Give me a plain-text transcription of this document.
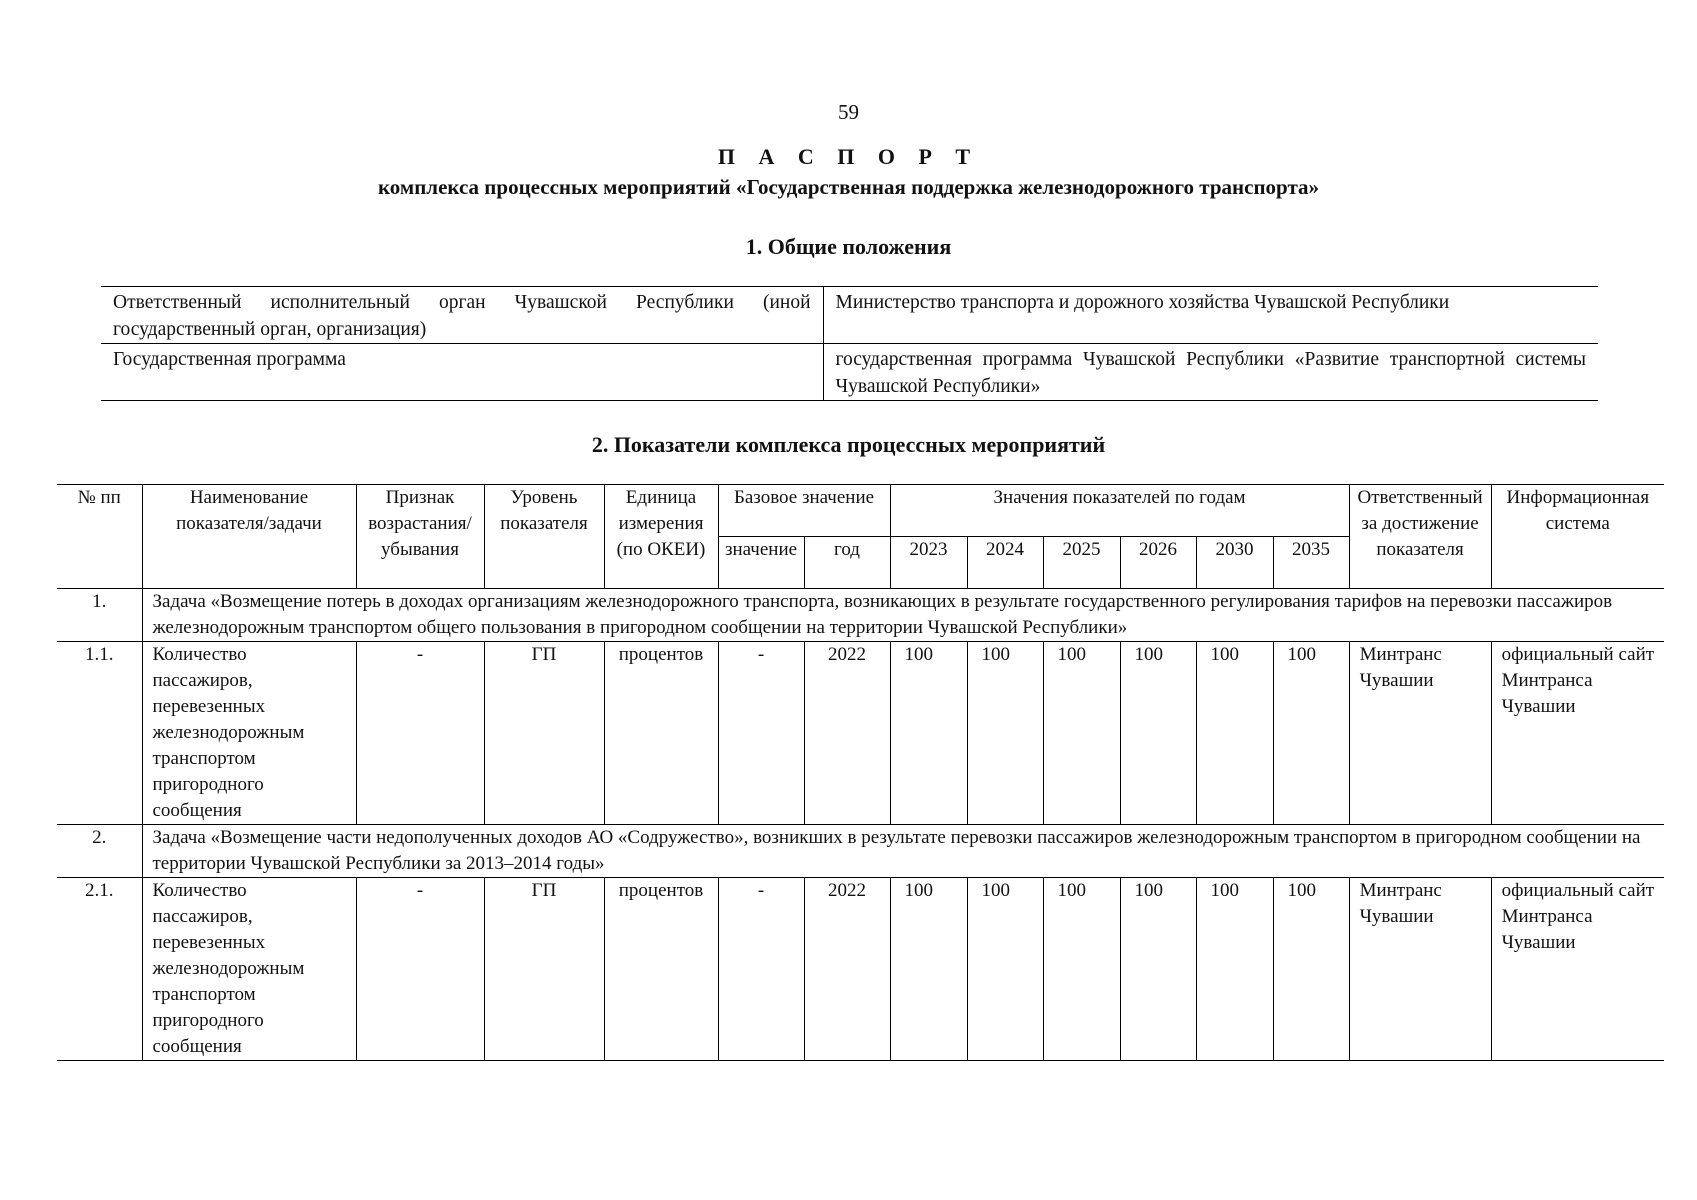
59
П А С П О Р Т
комплекса процессных мероприятий «Государственная поддержка железнодорожного транспорта»
1. Общие положения
Ответственный исполнительный орган Чувашской Республики (иной государственный орган, организация)	Министерство транспорта и дорожного хозяйства Чувашской Республики
Государственная программа	государственная программа Чувашской Республики «Развитие транспортной системы Чувашской Республики»
2. Показатели комплекса процессных мероприятий
№ пп	Наименование показателя/задачи	Признак возрастания/убывания	Уровень показателя	Единица измерения (по ОКЕИ)	Базовое значение		Значения показателей по годам						Ответственный за достижение показателя	Информационная система
					значение	год	2023	2024	2025	2026	2030	2035		
1.	Задача «Возмещение потерь в доходах организациям железнодорожного транспорта, возникающих в результате государственного регулирования тарифов на перевозки пассажиров железнодорожным транспортом общего пользования в пригородном сообщении на территории Чувашской Республики»													
1.1.	Количество пассажиров, перевезенных железнодорожным транспортом пригородного сообщения	-	ГП	процентов	-	2022	100	100	100	100	100	100	Минтранс Чувашии	официальный сайт Минтранса Чувашии
2.	Задача «Возмещение части недополученных доходов АО «Содружество», возникших в результате перевозки пассажиров железнодорожным транспортом в пригородном сообщении на территории Чувашской Республики за 2013–2014 годы»													
2.1.	Количество пассажиров, перевезенных железнодорожным транспортом пригородного сообщения	-	ГП	процентов	-	2022	100	100	100	100	100	100	Минтранс Чувашии	официальный сайт Минтранса Чувашии
